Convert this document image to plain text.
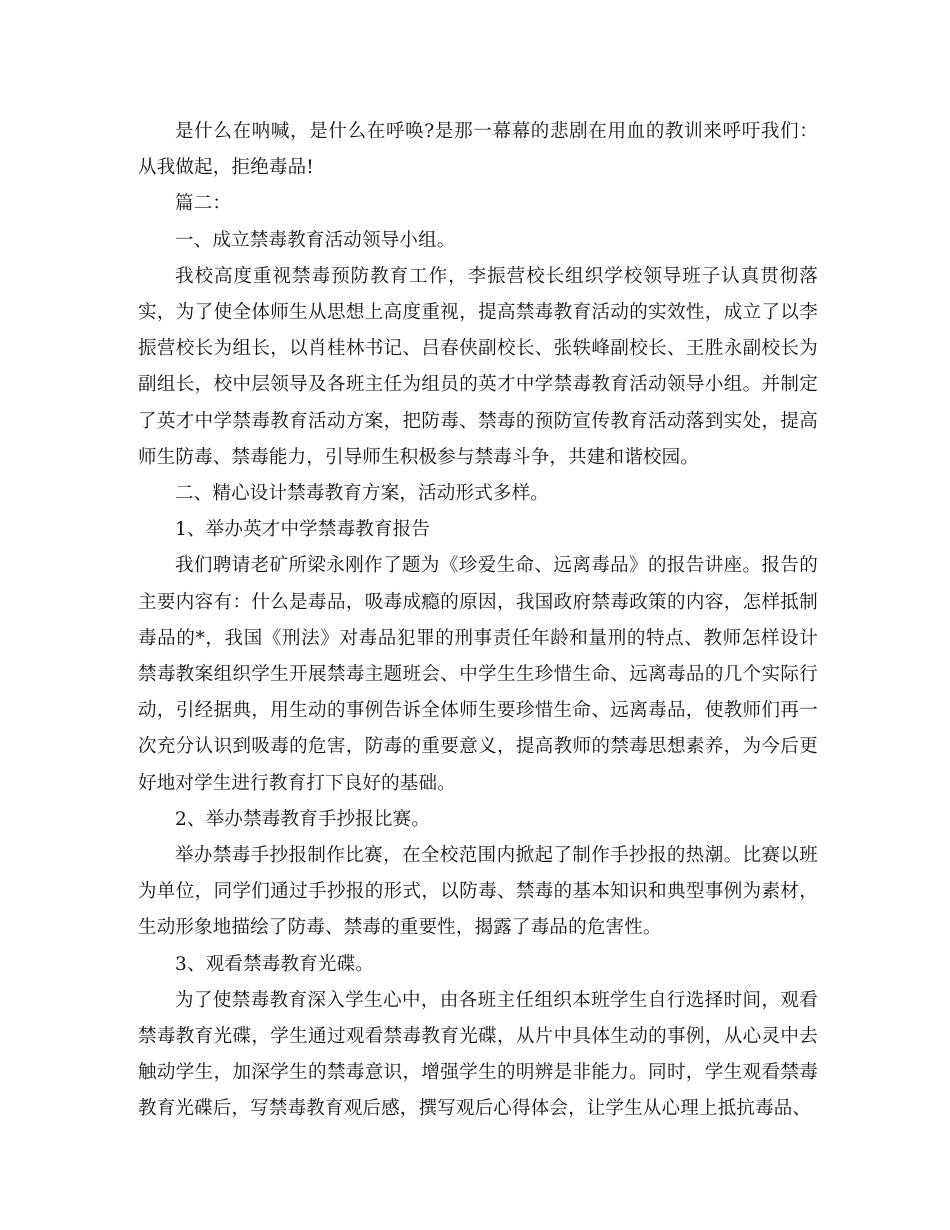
是什么在呐喊，是什么在呼唤?是那一幕幕的悲剧在用血的教训来呼吁我们：从我做起，拒绝毒品!

篇二：

一、成立禁毒教育活动领导小组。

我校高度重视禁毒预防教育工作，李振营校长组织学校领导班子认真贯彻落实，为了使全体师生从思想上高度重视，提高禁毒教育活动的实效性，成立了以李振营校长为组长，以肖桂林书记、吕春侠副校长、张轶峰副校长、王胜永副校长为副组长，校中层领导及各班主任为组员的英才中学禁毒教育活动领导小组。并制定了英才中学禁毒教育活动方案，把防毒、禁毒的预防宣传教育活动落到实处，提高师生防毒、禁毒能力，引导师生积极参与禁毒斗争，共建和谐校园。

二、精心设计禁毒教育方案，活动形式多样。

1、举办英才中学禁毒教育报告

我们聘请老矿所梁永刚作了题为《珍爱生命、远离毒品》的报告讲座。报告的主要内容有：什么是毒品，吸毒成瘾的原因，我国政府禁毒政策的内容，怎样抵制毒品的*，我国《刑法》对毒品犯罪的刑事责任年龄和量刑的特点、教师怎样设计禁毒教案组织学生开展禁毒主题班会、中学生生珍惜生命、远离毒品的几个实际行动，引经据典，用生动的事例告诉全体师生要珍惜生命、远离毒品，使教师们再一次充分认识到吸毒的危害，防毒的重要意义，提高教师的禁毒思想素养，为今后更好地对学生进行教育打下良好的基础。

2、举办禁毒教育手抄报比赛。

举办禁毒手抄报制作比赛，在全校范围内掀起了制作手抄报的热潮。比赛以班为单位，同学们通过手抄报的形式，以防毒、禁毒的基本知识和典型事例为素材，生动形象地描绘了防毒、禁毒的重要性，揭露了毒品的危害性。

3、观看禁毒教育光碟。

为了使禁毒教育深入学生心中，由各班主任组织本班学生自行选择时间，观看禁毒教育光碟，学生通过观看禁毒教育光碟，从片中具体生动的事例，从心灵中去触动学生，加深学生的禁毒意识，增强学生的明辨是非能力。同时，学生观看禁毒教育光碟后，写禁毒教育观后感，撰写观后心得体会，让学生从心理上抵抗毒品、
